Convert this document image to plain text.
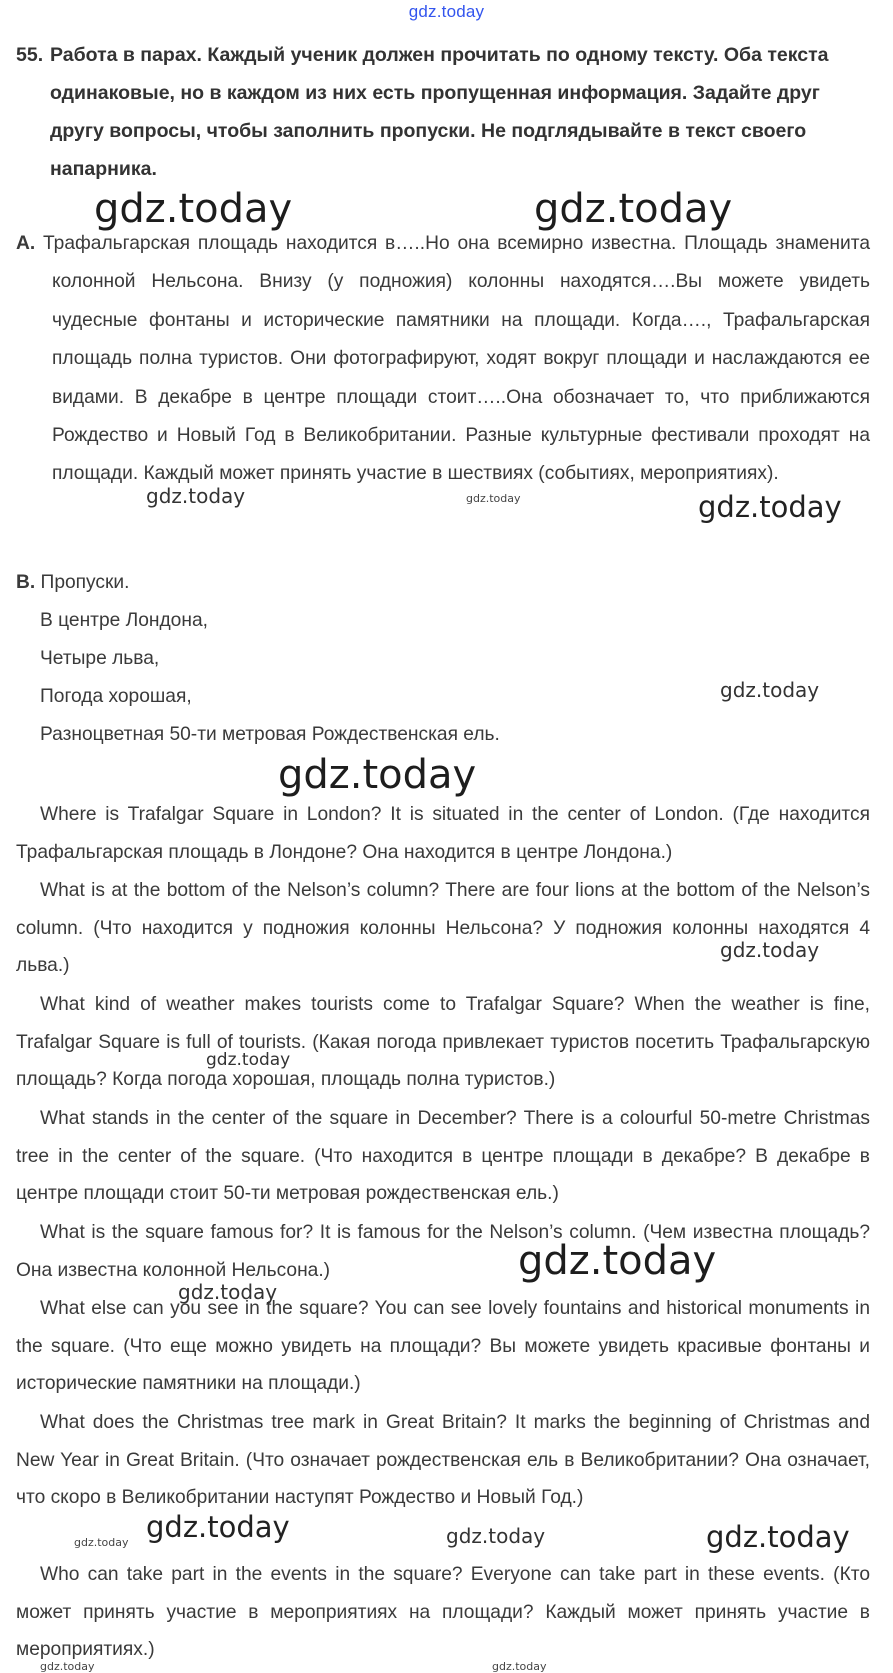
gdz.today
55. Работа в парах. Каждый ученик должен прочитать по одному тексту. Оба текста одинаковые, но в каждом из них есть пропущенная информация. Задайте друг другу вопросы, чтобы заполнить пропуски. Не подглядывайте в текст своего напарника.
A. Трафальгарская площадь находится в…..Но она всемирно известна. Площадь знаменита колонной Нельсона. Внизу (у подножия) колонны находятся….Вы можете увидеть чудесные фонтаны и исторические памятники на площади. Когда…., Трафальгарская площадь полна туристов. Они фотографируют, ходят вокруг площади и наслаждаются ее видами. В декабре в центре площади стоит…..Она обозначает то, что приближаются Рождество и Новый Год в Великобритании. Разные культурные фестивали проходят на площади. Каждый может принять участие в шествиях (событиях, мероприятиях).
B. Пропуски.
В центре Лондона,
Четыре льва,
Погода хорошая,
Разноцветная 50-ти метровая Рождественская ель.
Where is Trafalgar Square in London? It is situated in the center of London. (Где находится Трафальгарская площадь в Лондоне? Она находится в центре Лондона.)
What is at the bottom of the Nelson’s column? There are four lions at the bottom of the Nelson’s column. (Что находится у подножия колонны Нельсона? У подножия колонны находятся 4 льва.)
What kind of weather makes tourists come to Trafalgar Square? When the weather is fine, Trafalgar Square is full of tourists. (Какая погода привлекает туристов посетить Трафальгарскую площадь? Когда погода хорошая, площадь полна туристов.)
What stands in the center of the square in December? There is a colourful 50-metre Christmas tree in the center of the square. (Что находится в центре площади в декабре? В декабре в центре площади стоит 50-ти метровая рождественская ель.)
What is the square famous for? It is famous for the Nelson’s column. (Чем известна площадь? Она известна колонной Нельсона.)
What else can you see in the square? You can see lovely fountains and historical monuments in the square. (Что еще можно увидеть на площади? Вы можете увидеть красивые фонтаны и исторические памятники на площади.)
What does the Christmas tree mark in Great Britain? It marks the beginning of Christmas and New Year in Great Britain. (Что означает рождественская ель в Великобритании? Она означает, что скоро в Великобритании наступят Рождество и Новый Год.)
Who can take part in the events in the square? Everyone can take part in these events. (Кто может принять участие в мероприятиях на площади? Каждый может принять участие в мероприятиях.)
gdz.today	gdz.today
gdz.today	gdz.today	gdz.today
gdz.today
gdz.today
gdz.today
gdz.today
gdz.today
gdz.today
gdz.today gdz.today	gdz.today	gdz.today
gdz.today
gdz.today
